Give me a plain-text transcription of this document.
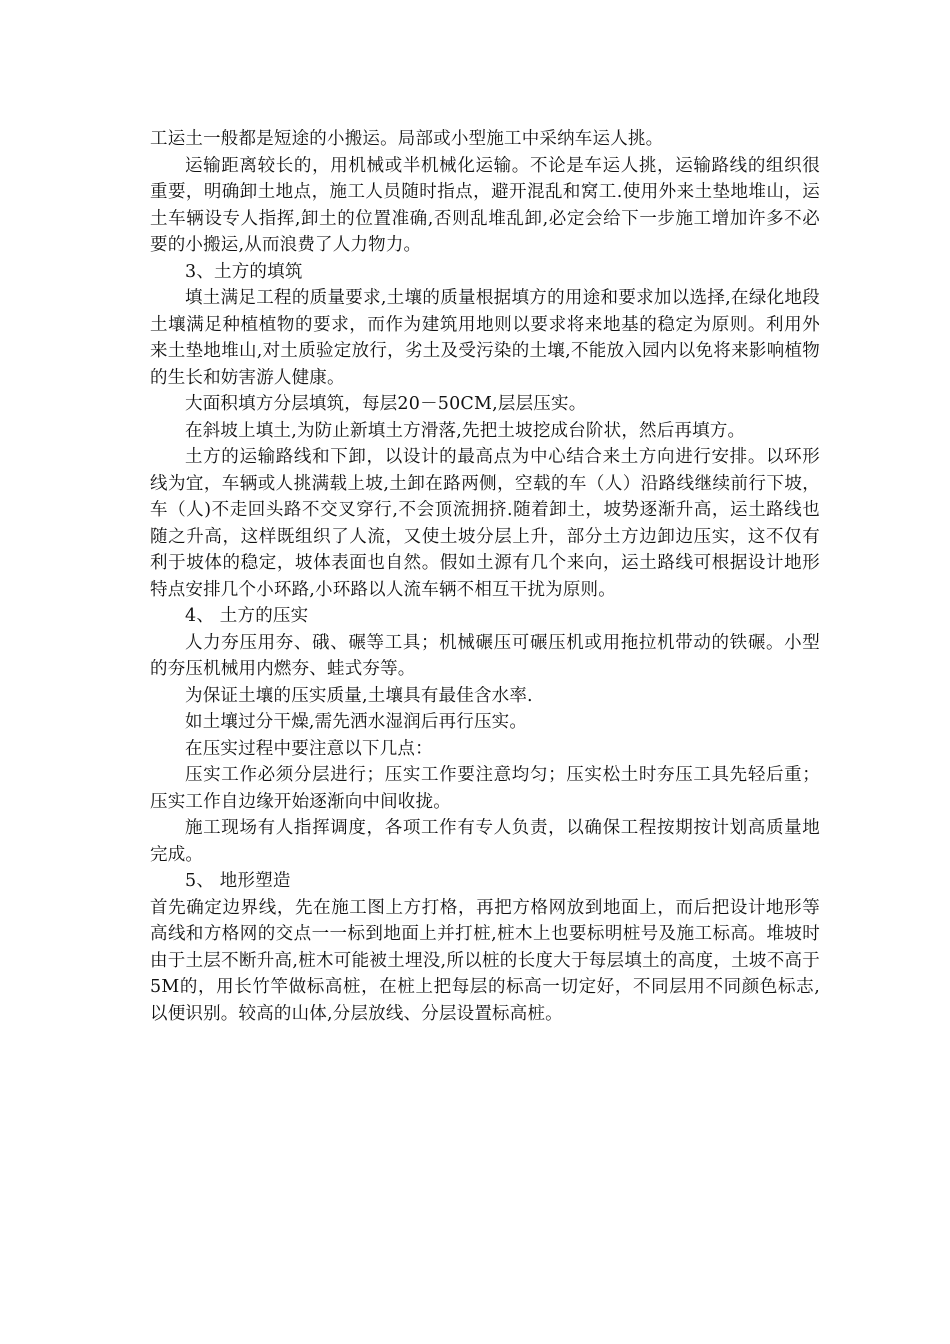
工运土一般都是短途的小搬运。局部或小型施工中采纳车运人挑。

运输距离较长的，用机械或半机械化运输。不论是车运人挑，运输路线的组织很重要，明确卸土地点，施工人员随时指点，避开混乱和窝工.使用外来土垫地堆山，运土车辆设专人指挥,卸土的位置准确,否则乱堆乱卸,必定会给下一步施工增加许多不必要的小搬运,从而浪费了人力物力。

3、土方的填筑

填土满足工程的质量要求,土壤的质量根据填方的用途和要求加以选择,在绿化地段土壤满足种植植物的要求，而作为建筑用地则以要求将来地基的稳定为原则。利用外来土垫地堆山,对土质验定放行，劣土及受污染的土壤,不能放入园内以免将来影响植物的生长和妨害游人健康。

大面积填方分层填筑，每层20－50CM,层层压实。

在斜坡上填土,为防止新填土方滑落,先把土坡挖成台阶状，然后再填方。

土方的运输路线和下卸，以设计的最高点为中心结合来土方向进行安排。以环形线为宜，车辆或人挑满载上坡,土卸在路两侧，空载的车（人）沿路线继续前行下坡，车（人)不走回头路不交叉穿行,不会顶流拥挤.随着卸土，坡势逐渐升高，运土路线也随之升高，这样既组织了人流，又使土坡分层上升，部分土方边卸边压实，这不仅有利于坡体的稳定，坡体表面也自然。假如土源有几个来向，运土路线可根据设计地形特点安排几个小环路,小环路以人流车辆不相互干扰为原则。

4、 土方的压实

人力夯压用夯、硪、碾等工具；机械碾压可碾压机或用拖拉机带动的铁碾。小型的夯压机械用内燃夯、蛙式夯等。

为保证土壤的压实质量,土壤具有最佳含水率.

如土壤过分干燥,需先洒水湿润后再行压实。

在压实过程中要注意以下几点：

压实工作必须分层进行；压实工作要注意均匀；压实松土时夯压工具先轻后重；压实工作自边缘开始逐渐向中间收拢。

施工现场有人指挥调度，各项工作有专人负责，以确保工程按期按计划高质量地完成。

5、 地形塑造

首先确定边界线，先在施工图上方打格，再把方格网放到地面上，而后把设计地形等高线和方格网的交点一一标到地面上并打桩,桩木上也要标明桩号及施工标高。堆坡时由于土层不断升高,桩木可能被土埋没,所以桩的长度大于每层填土的高度，土坡不高于5M的，用长竹竿做标高桩，在桩上把每层的标高一切定好，不同层用不同颜色标志,以便识别。较高的山体,分层放线、分层设置标高桩。
